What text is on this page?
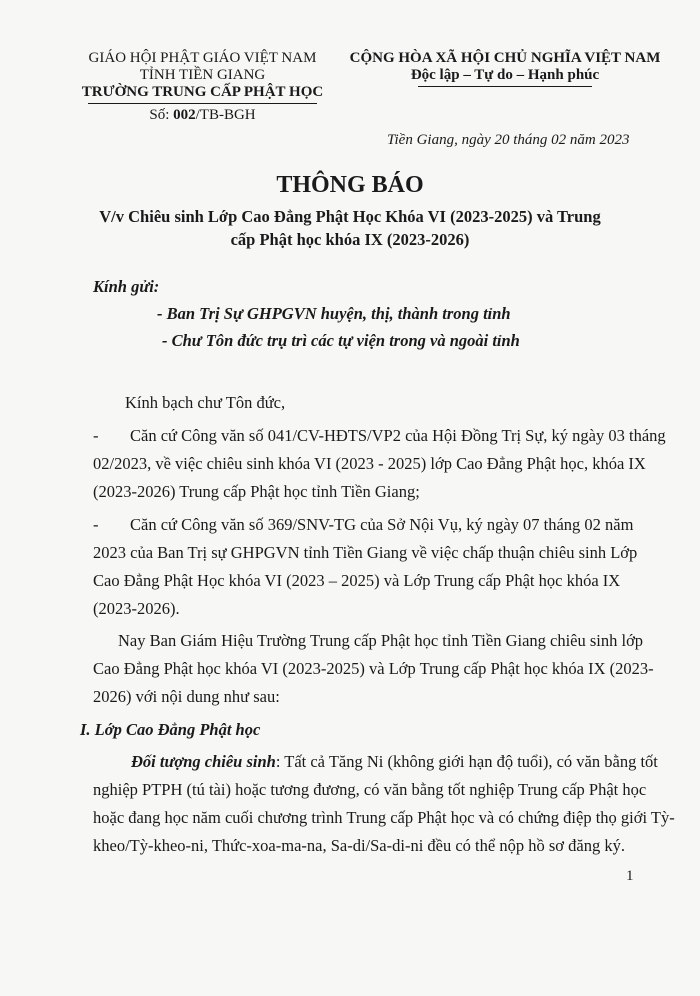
GIÁO HỘI PHẬT GIÁO VIỆT NAM
TỈNH TIỀN GIANG
TRƯỜNG TRUNG CẤP PHẬT HỌC
Số: 002/TB-BGH
CỘNG HÒA XÃ HỘI CHỦ NGHĨA VIỆT NAM
Độc lập – Tự do – Hạnh phúc
Tiền Giang, ngày 20 tháng 02 năm 2023
THÔNG BÁO
V/v Chiêu sinh Lớp Cao Đẳng Phật Học Khóa VI (2023-2025) và Trung
cấp Phật học khóa IX (2023-2026)
Kính gửi:
- Ban Trị Sự GHPGVN huyện, thị, thành trong tỉnh
- Chư Tôn đức trụ trì các tự viện trong và ngoài tỉnh
Kính bạch chư Tôn đức,
- Căn cứ Công văn số 041/CV-HĐTS/VP2 của Hội Đồng Trị Sự, ký ngày 03 tháng
02/2023, về việc chiêu sinh khóa VI (2023 - 2025) lớp Cao Đẳng Phật học, khóa IX
(2023-2026) Trung cấp Phật học tỉnh Tiền Giang;
- Căn cứ Công văn số 369/SNV-TG của Sở Nội Vụ, ký ngày 07 tháng 02 năm
2023 của Ban Trị sự GHPGVN tỉnh Tiền Giang về việc chấp thuận chiêu sinh Lớp
Cao Đẳng Phật Học khóa VI (2023 – 2025) và Lớp Trung cấp Phật học khóa IX
(2023-2026).
Nay Ban Giám Hiệu Trường Trung cấp Phật học tỉnh Tiền Giang chiêu sinh lớp
Cao Đẳng Phật học khóa VI (2023-2025) và Lớp Trung cấp Phật học khóa IX (2023-
2026) với nội dung như sau:
I. Lớp Cao Đẳng Phật học
Đối tượng chiêu sinh: Tất cả Tăng Ni (không giới hạn độ tuổi), có văn bằng tốt
nghiệp PTPH (tú tài) hoặc tương đương, có văn bằng tốt nghiệp Trung cấp Phật học
hoặc đang học năm cuối chương trình Trung cấp Phật học và có chứng điệp thọ giới Tỳ-
kheo/Tỳ-kheo-ni, Thức-xoa-ma-na, Sa-di/Sa-di-ni đều có thể nộp hồ sơ đăng ký.
1
